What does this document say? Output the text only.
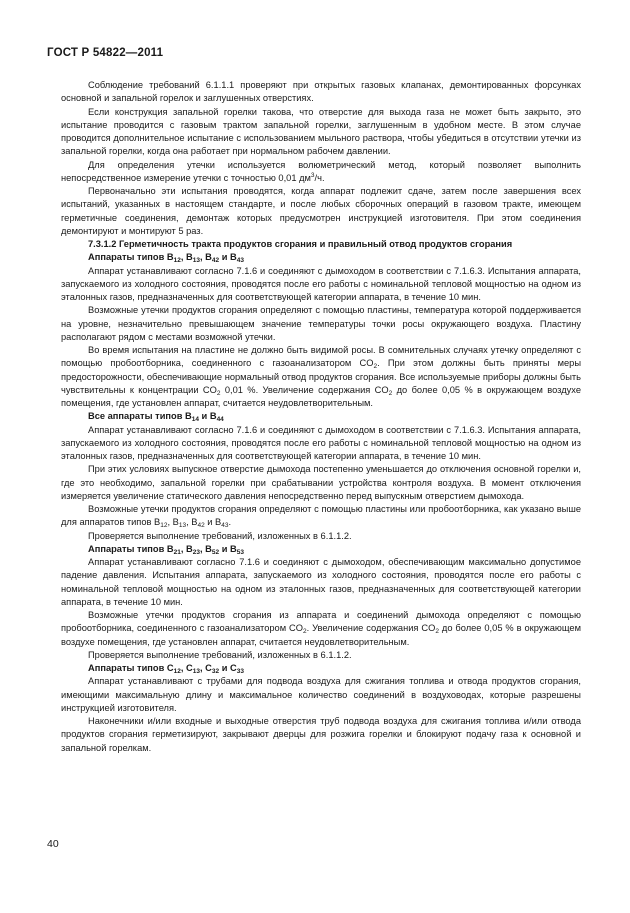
ГОСТ Р 54822—2011

Соблюдение требований 6.1.1.1 проверяют при открытых газовых клапанах, демонтированных форсунках основной и запальной горелок и заглушенных отверстиях.

Если конструкция запальной горелки такова, что отверстие для выхода газа не может быть закрыто, это испытание проводится с газовым трактом запальной горелки, заглушенным в удобном месте. В этом случае проводится дополнительное испытание с использованием мыльного раствора, чтобы убедиться в отсутствии утечки из запальной горелки, когда она работает при нормальном рабочем давлении.

Для определения утечки используется волюметрический метод, который позволяет выполнить непосредственное измерение утечки с точностью 0,01 $дм^3/ч$.

Первоначально эти испытания проводятся, когда аппарат подлежит сдаче, затем после завершения всех испытаний, указанных в настоящем стандарте, и после любых сборочных операций в газовом тракте, имеющем герметичные соединения, демонтаж которых предусмотрен инструкцией изготовителя. При этом соединения демонтируют и монтируют 5 раз.

7.3.1.2 Герметичность тракта продуктов сгорания и правильный отвод продуктов сгорания

Аппараты типов $B_{12}$, $B_{13}$, $B_{42}$ и $B_{43}$

Аппарат устанавливают согласно 7.1.6 и соединяют с дымоходом в соответствии с 7.1.6.3. Испытания аппарата, запускаемого из холодного состояния, проводятся после его работы с номинальной тепловой мощностью на одном из эталонных газов, предназначенных для соответствующей категории аппарата, в течение 10 мин.

Возможные утечки продуктов сгорания определяют с помощью пластины, температура которой поддерживается на уровне, незначительно превышающем значение температуры точки росы окружающего воздуха. Пластину располагают рядом с местами возможной утечки.

Во время испытания на пластине не должно быть видимой росы. В сомнительных случаях утечку определяют с помощью пробоотборника, соединенного с газоанализатором $CO_2$. При этом должны быть приняты меры предосторожности, обеспечивающие нормальный отвод продуктов сгорания. Все используемые приборы должны быть чувствительны к концентрации $CO_2$ 0,01 %. Увеличение содержания $CO_2$ до более 0,05 % в окружающем воздухе помещения, где установлен аппарат, считается неудовлетворительным.

Все аппараты типов $B_{14}$ и $B_{44}$

Аппарат устанавливают согласно 7.1.6 и соединяют с дымоходом в соответствии с 7.1.6.3. Испытания аппарата, запускаемого из холодного состояния, проводятся после его работы с номинальной тепловой мощностью на одном из эталонных газов, предназначенных для соответствующей категории аппарата, в течение 10 мин.

При этих условиях выпускное отверстие дымохода постепенно уменьшается до отключения основной горелки и, где это необходимо, запальной горелки при срабатывании устройства контроля воздуха. В момент отключения измеряется увеличение статического давления непосредственно перед выпускным отверстием дымохода.

Возможные утечки продуктов сгорания определяют с помощью пластины или пробоотборника, как указано выше для аппаратов типов $B_{12}$, $B_{13}$, $B_{42}$ и $B_{43}$.

Проверяется выполнение требований, изложенных в 6.1.1.2.

Аппараты типов $B_{21}$, $B_{23}$, $B_{52}$ и $B_{53}$

Аппарат устанавливают согласно 7.1.6 и соединяют с дымоходом, обеспечивающим максимально допустимое падение давления. Испытания аппарата, запускаемого из холодного состояния, проводятся после его работы с номинальной тепловой мощностью на одном из эталонных газов, предназначенных для соответствующей категории аппарата, в течение 10 мин.

Возможные утечки продуктов сгорания из аппарата и соединений дымохода определяют с помощью пробоотборника, соединенного с газоанализатором $CO_2$. Увеличение содержания $CO_2$ до более 0,05 % в окружающем воздухе помещения, где установлен аппарат, считается неудовлетворительным.

Проверяется выполнение требований, изложенных в 6.1.1.2.

Аппараты типов $C_{12}$, $C_{13}$, $C_{32}$ и $C_{33}$

Аппарат устанавливают с трубами для подвода воздуха для сжигания топлива и отвода продуктов сгорания, имеющими максимальную длину и максимальное количество соединений в воздуховодах, которые разрешены инструкцией изготовителя.

Наконечники и/или входные и выходные отверстия труб подвода воздуха для сжигания топлива и/или отвода продуктов сгорания герметизируют, закрывают дверцы для розжига горелки и блокируют подачу газа к основной и запальной горелкам.

40
